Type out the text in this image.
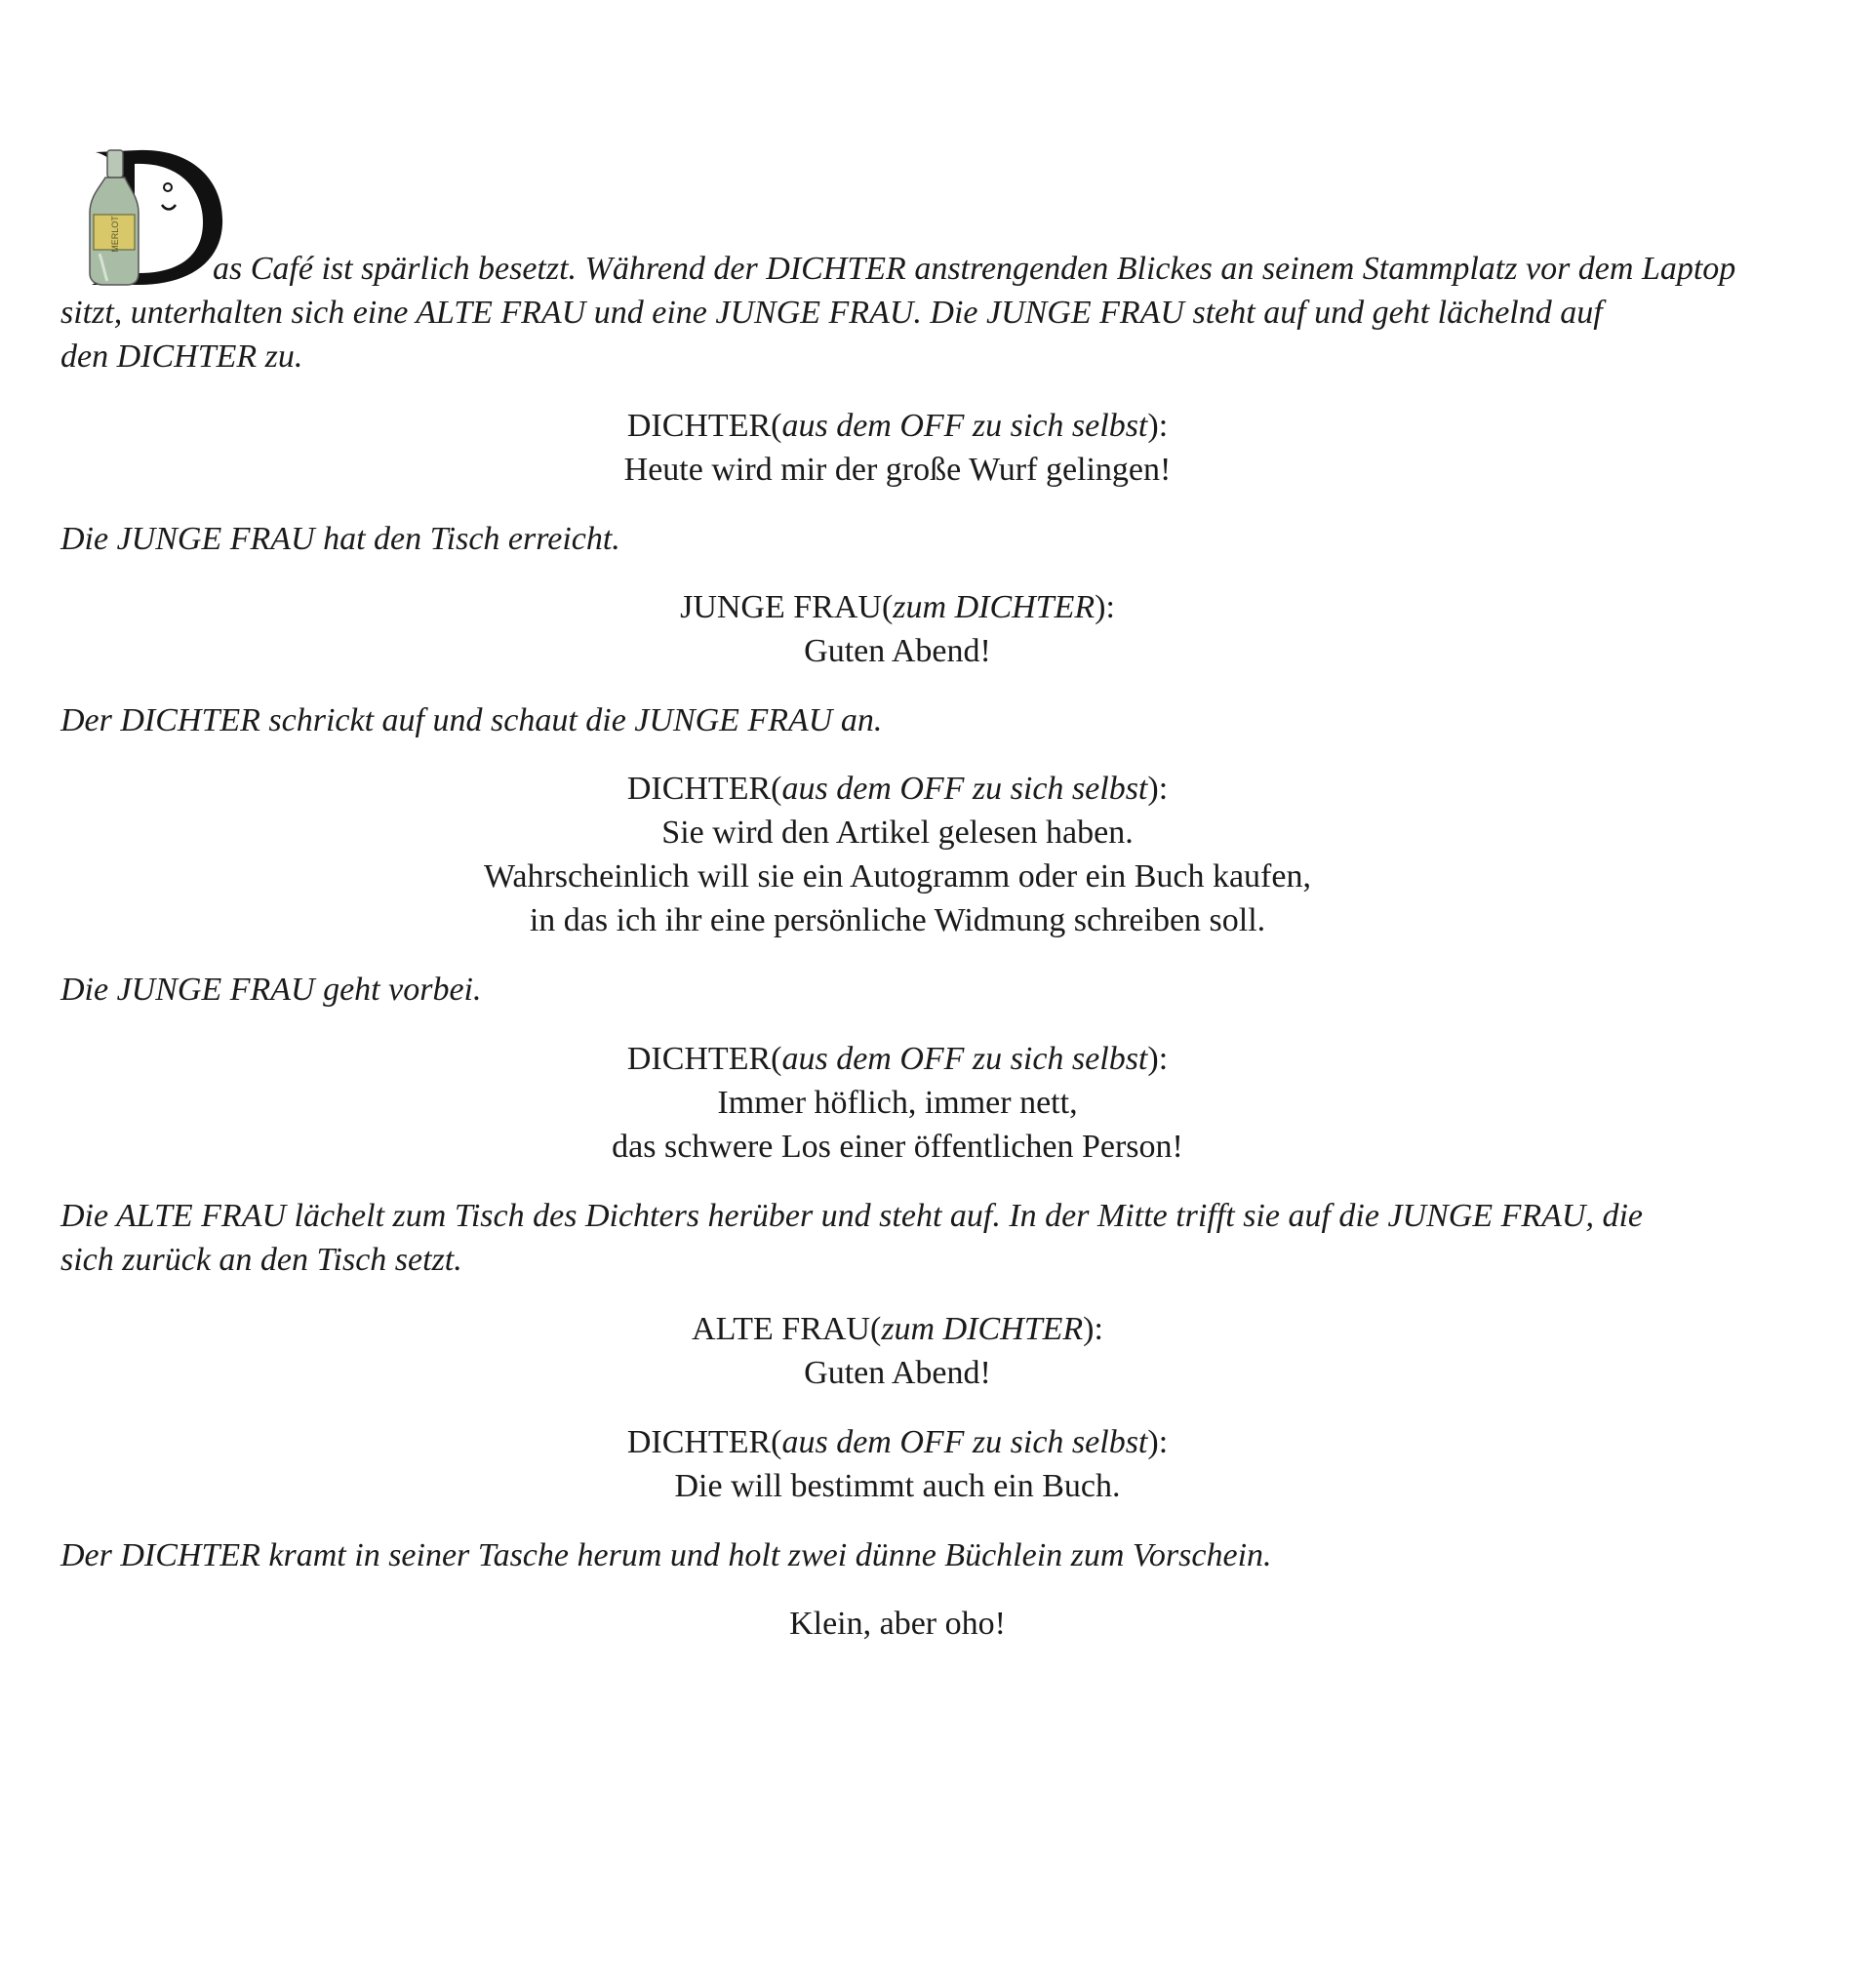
MERLOT
as Café ist spärlich besetzt. Während der DICHTER anstrengenden Blickes an seinem Stammplatz vor dem Laptop
sitzt, unterhalten sich eine ALTE FRAU und eine JUNGE FRAU. Die JUNGE FRAU steht auf und geht lächelnd auf
den DICHTER zu.
DICHTER(aus dem OFF zu sich selbst):
Heute wird mir der große Wurf gelingen!
Die JUNGE FRAU hat den Tisch erreicht.
JUNGE FRAU(zum DICHTER):
Guten Abend!
Der DICHTER schrickt auf und schaut die JUNGE FRAU an.
DICHTER(aus dem OFF zu sich selbst):
Sie wird den Artikel gelesen haben.
Wahrscheinlich will sie ein Autogramm oder ein Buch kaufen,
in das ich ihr eine persönliche Widmung schreiben soll.
Die JUNGE FRAU geht vorbei.
DICHTER(aus dem OFF zu sich selbst):
Immer höflich, immer nett,
das schwere Los einer öffentlichen Person!
Die ALTE FRAU lächelt zum Tisch des Dichters herüber und steht auf. In der Mitte trifft sie auf die JUNGE FRAU, die
sich zurück an den Tisch setzt.
ALTE FRAU(zum DICHTER):
Guten Abend!
DICHTER(aus dem OFF zu sich selbst):
Die will bestimmt auch ein Buch.
Der DICHTER kramt in seiner Tasche herum und holt zwei dünne Büchlein zum Vorschein.
Klein, aber oho!
